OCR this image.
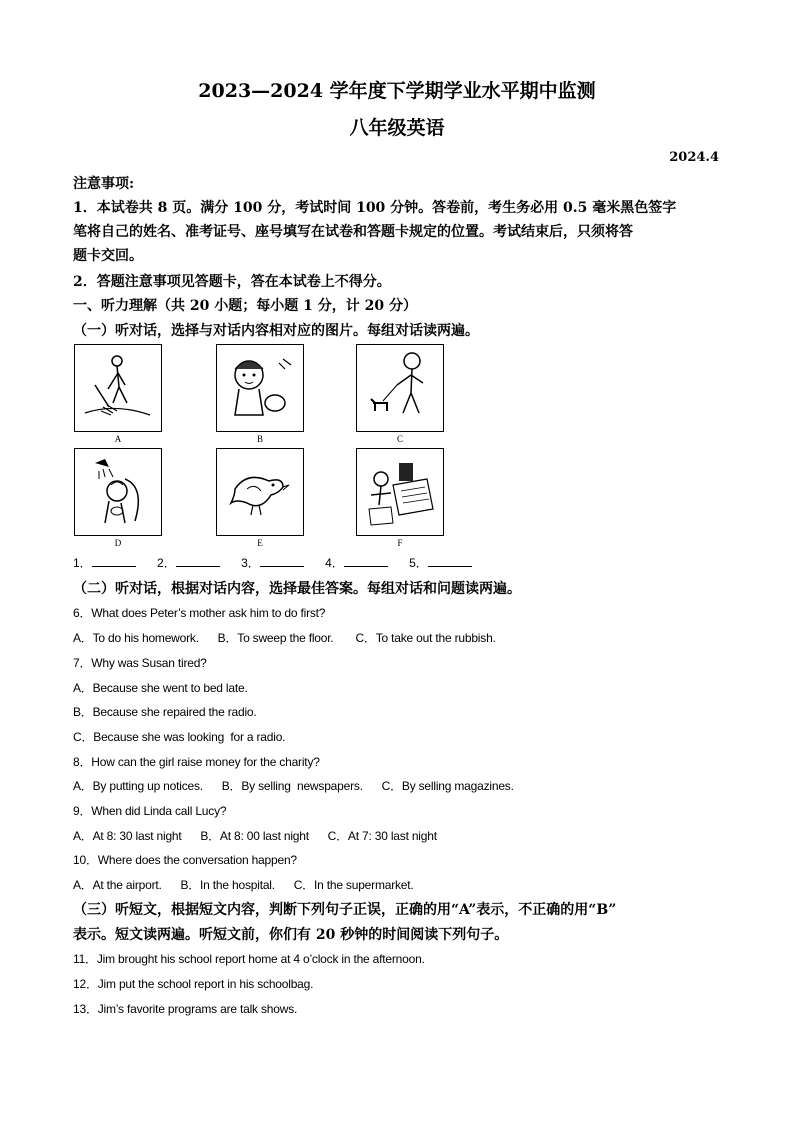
2023—2024 学年度下学期学业水平期中监测
八年级英语
2024.4
注意事项:
1．本试卷共 8 页。满分 100 分，考试时间 100 分钟。答卷前，考生务必用 0.5 毫米黑色签字
笔将自己的姓名、准考证号、座号填写在试卷和答题卡规定的位置。考试结束后，只须将答
题卡交回。
2．答题注意事项见答题卡，答在本试卷上不得分。
一、听力理解（共 20 小题；每小题 1 分，计 20 分）
（一）听对话，选择与对话内容相对应的图片。每组对话读两遍。
A	B	C
D	E	F
1．	2．	3．	4．	5．
（二）听对话，根据对话内容，选择最佳答案。每组对话和问题读两遍。
6．What does Peter’s mother ask him to do first?
A．To do his homework.      B．To sweep the floor.       C．To take out the rubbish.
7．Why was Susan tired?
A．Because she went to bed late.
B．Because she repaired the radio.
C．Because she was looking  for a radio.
8．How can the girl raise money for the charity?
A．By putting up notices.      B．By selling  newspapers.      C．By selling magazines.
9．When did Linda call Lucy?
A．At 8: 30 last night      B．At 8: 00 last night      C．At 7: 30 last night
10．Where does the conversation happen?
A．At the airport.      B．In the hospital.      C．In the supermarket.
（三）听短文，根据短文内容，判断下列句子正误，正确的用“A”表示，不正确的用“B”
表示。短文读两遍。听短文前，你们有 20 秒钟的时间阅读下列句子。
11．Jim brought his school report home at 4 o’clock in the afternoon.
12．Jim put the school report in his schoolbag.
13．Jim’s favorite programs are talk shows.
